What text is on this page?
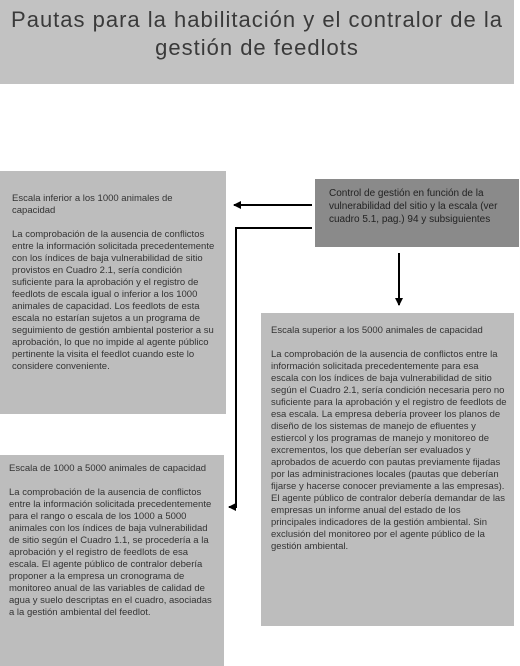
Pautas para la habilitación y el contralor de la gestión de feedlots

Control de gestión en función de la vulnerabilidad del sitio y la escala (ver cuadro 5.1, pag.) 94 y subsiguientes

Escala inferior a los 1000 animales de capacidad

La comprobación de la ausencia de conflictos entre la información solicitada precedentemente con los índices de baja vulnerabilidad de sitio provistos en Cuadro 2.1, sería condición suficiente para la aprobación y el registro de feedlots de escala igual o inferior a los 1000 animales de capacidad. Los feedlots de esta escala no estarían sujetos a un programa de seguimiento de gestión ambiental posterior a su aprobación, lo que no impide al agente público pertinente la visita el feedlot cuando este lo considere conveniente.

Escala superior a los 5000 animales de capacidad

La comprobación de la ausencia de conflictos entre la información solicitada precedentemente para esa escala con los índices de baja vulnerabilidad de sitio según el Cuadro 2.1, sería condición necesaria pero no suficiente para la aprobación y el registro de feedlots de esa escala. La empresa debería proveer los planos de diseño de los sistemas de manejo de efluentes y estiercol y los programas de manejo y monitoreo de excrementos, los que deberían ser evaluados y aprobados de acuerdo con pautas previamente fijadas por las administraciones locales (pautas que deberían fijarse y hacerse conocer previamente a las empresas). El agente público de contralor debería demandar de las empresas un informe anual del estado de los principales indicadores de la gestión ambiental. Sin exclusión del monitoreo por el agente público de la gestión ambiental.

Escala de 1000 a 5000 animales de capacidad

La comprobación de la ausencia de conflictos entre la información solicitada precedentemente para el rango o escala de los 1000 a 5000 animales con los índices de baja vulnerabilidad de sitio según el Cuadro 1.1, se procedería a la aprobación y el registro de feedlots de esa escala. El agente público de contralor debería proponer a la empresa un cronograma de monitoreo anual de las variables de calidad de agua y suelo descriptas en el cuadro, asociadas a la gestión ambiental del feedlot.
